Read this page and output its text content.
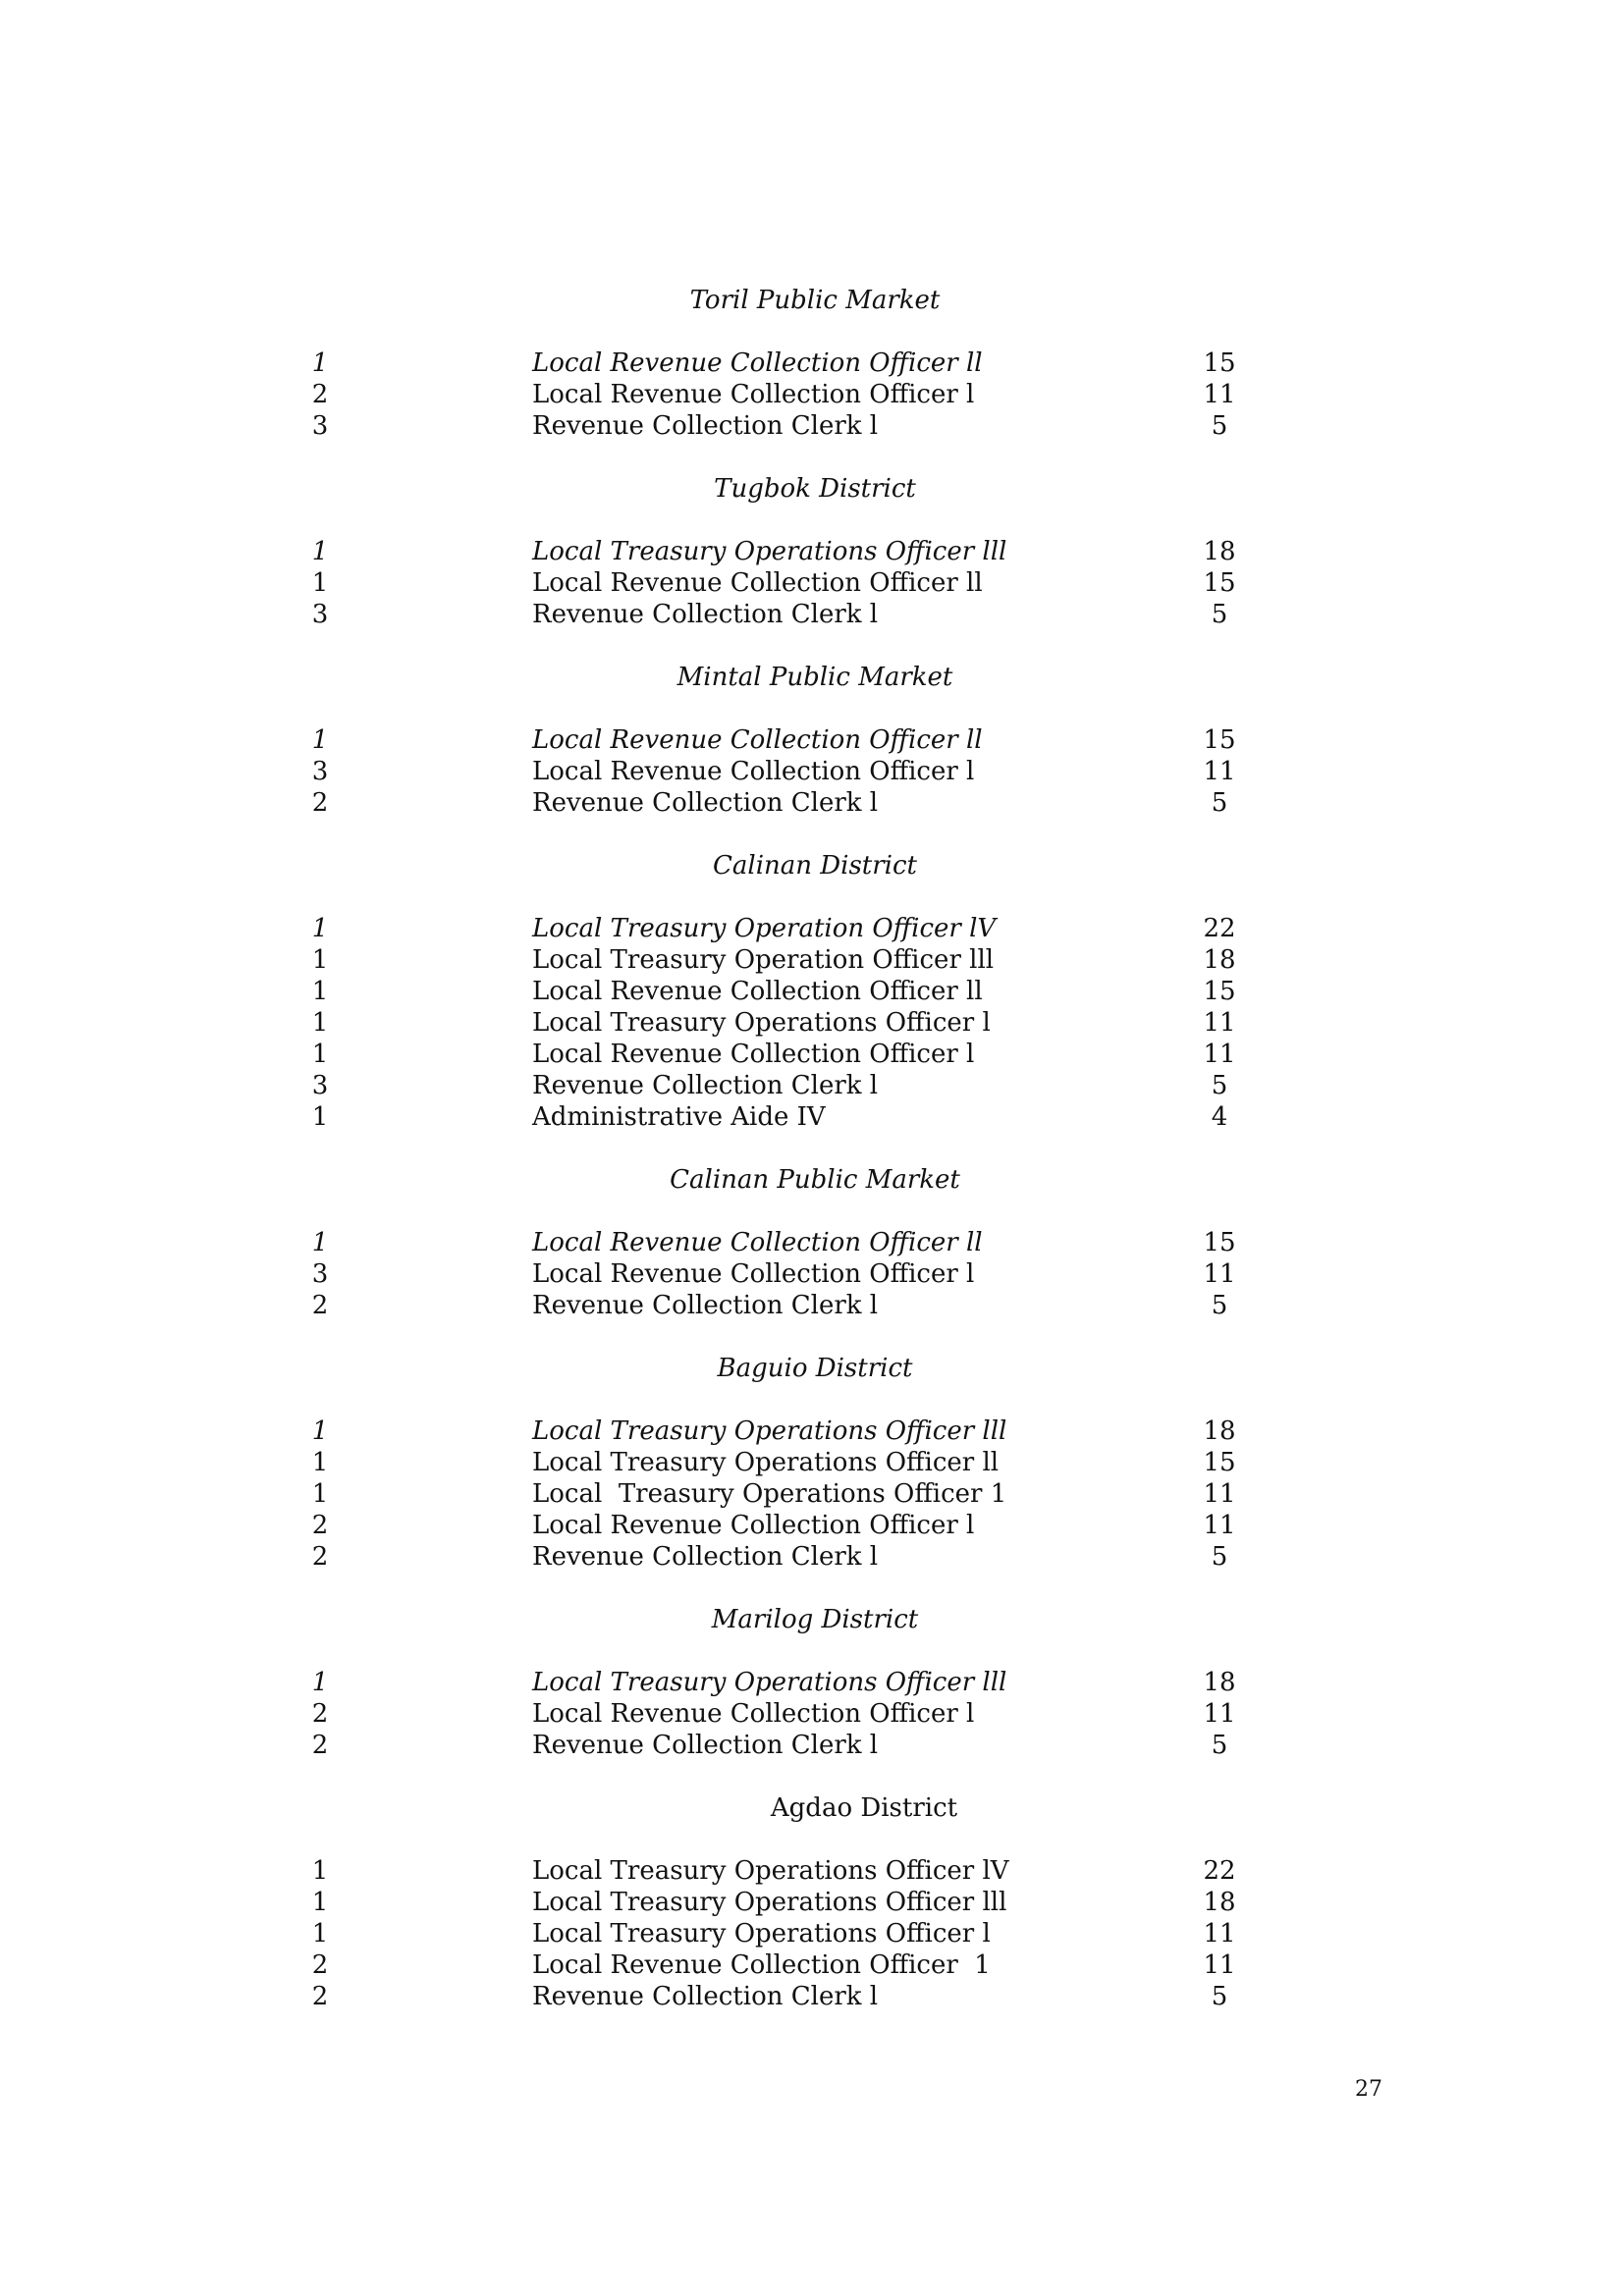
Toril Public Market
1	Local Revenue Collection Officer ll	15
2	Local Revenue Collection Officer l	11
3	Revenue Collection Clerk l	5
Tugbok District
1	Local Treasury Operations Officer lll	18
1	Local Revenue Collection Officer ll	15
3	Revenue Collection Clerk l	5
Mintal Public Market
1	Local Revenue Collection Officer ll	15
3	Local Revenue Collection Officer l	11
2	Revenue Collection Clerk l	5
Calinan District
1	Local Treasury Operation Officer lV	22
1	Local Treasury Operation Officer lll	18
1	Local Revenue Collection Officer ll	15
1	Local Treasury Operations Officer l	11
1	Local Revenue Collection Officer l	11
3	Revenue Collection Clerk l	5
1	Administrative Aide IV	4
Calinan Public Market
1	Local Revenue Collection Officer ll	15
3	Local Revenue Collection Officer l	11
2	Revenue Collection Clerk l	5
Baguio District
1	Local Treasury Operations Officer lll	18
1	Local Treasury Operations Officer ll	15
1	Local  Treasury Operations Officer 1	11
2	Local Revenue Collection Officer l	11
2	Revenue Collection Clerk l	5
Marilog District
1	Local Treasury Operations Officer lll	18
2	Local Revenue Collection Officer l	11
2	Revenue Collection Clerk l	5
Agdao District
1	Local Treasury Operations Officer lV	22
1	Local Treasury Operations Officer lll	18
1	Local Treasury Operations Officer l	11
2	Local Revenue Collection Officer  1	11
2	Revenue Collection Clerk l	5
27
